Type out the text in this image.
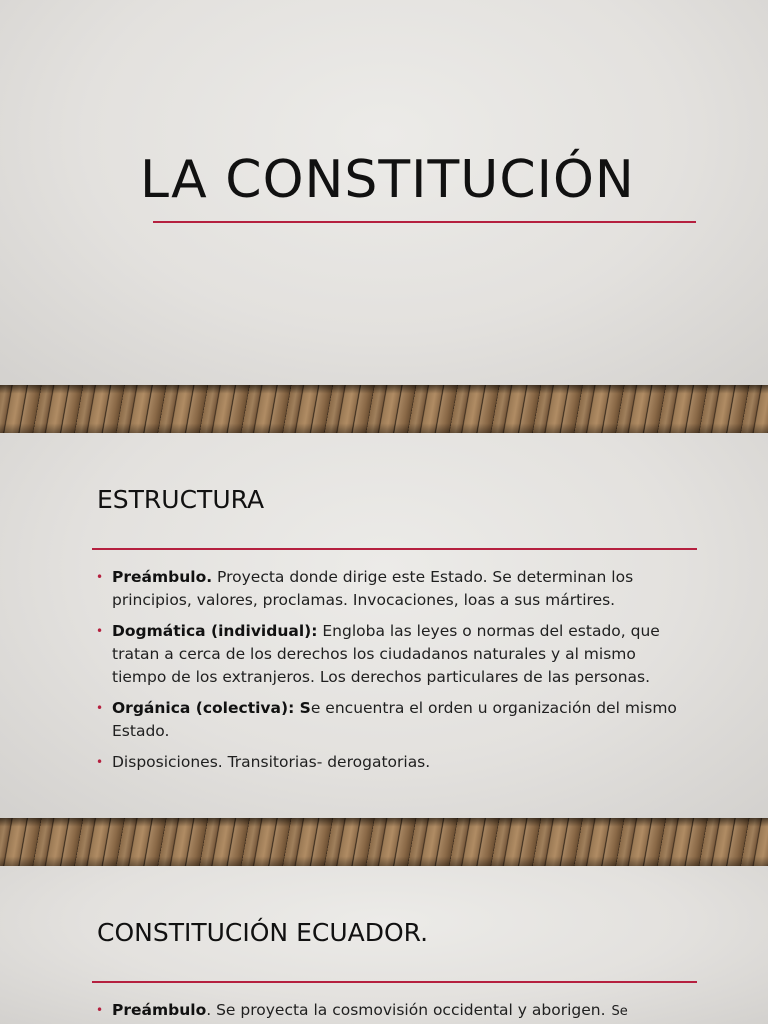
LA CONSTITUCIÓN
ESTRUCTURA
• Preámbulo. Proyecta donde dirige este Estado. Se determinan los principios, valores, proclamas. Invocaciones, loas a sus mártires.
• Dogmática (individual): Engloba las leyes o normas del estado, que tratan a cerca de los derechos los ciudadanos naturales y al mismo tiempo de los extranjeros. Los derechos particulares de las personas.
• Orgánica (colectiva): Se encuentra el orden u organización del mismo Estado.
• Disposiciones. Transitorias- derogatorias.
CONSTITUCIÓN ECUADOR.
• Preámbulo. Se proyecta la cosmovisión occidental y aborigen. Se
